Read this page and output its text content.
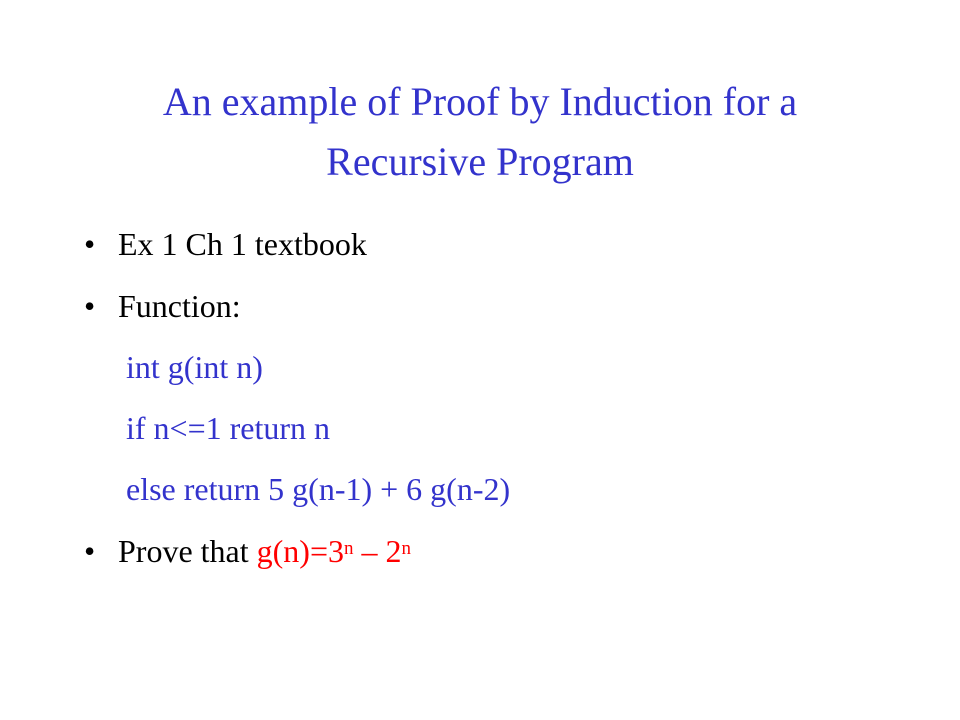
An example of Proof by Induction for a
Recursive Program
• Ex 1 Ch 1 textbook
• Function:
int g(int n)
if n<=1 return n
else return 5 g(n-1) + 6 g(n-2)
• Prove that $g(n)=3^n - 2^n$
